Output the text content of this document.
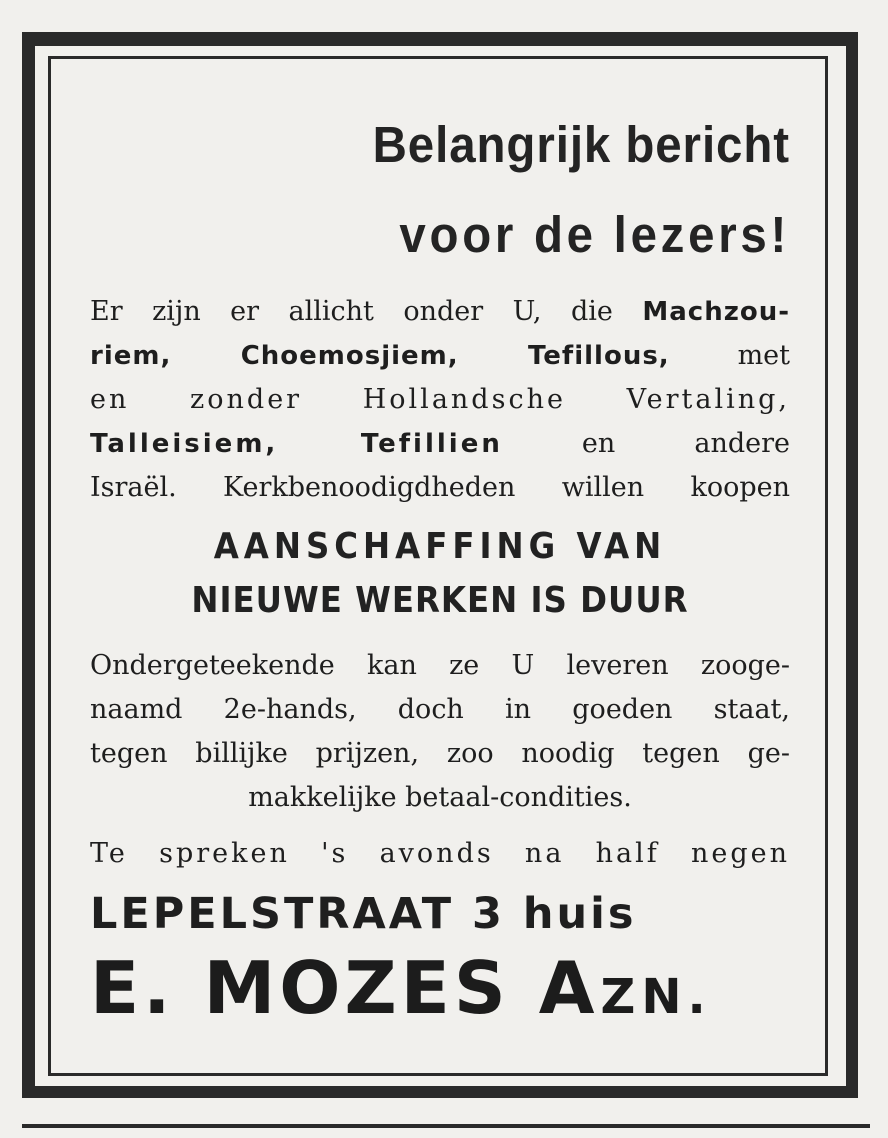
Belangrijk bericht
voor de lezers!

Er zijn er allicht onder U, die Machzou-
riem, Choemosjiem, Tefillous, met
en zonder Hollandsche Vertaling,
Talleisiem, Tefillien en andere
Israël. Kerkbenoodigdheden willen koopen

AANSCHAFFING VAN
NIEUWE WERKEN IS DUUR

Ondergeteekende kan ze U leveren zooge-
naamd 2e-hands, doch in goeden staat,
tegen billijke prijzen, zoo noodig tegen ge-
makkelijke betaal-condities.

Te spreken 's avonds na half negen

LEPELSTRAAT 3 huis
E. MOZES AZN.
